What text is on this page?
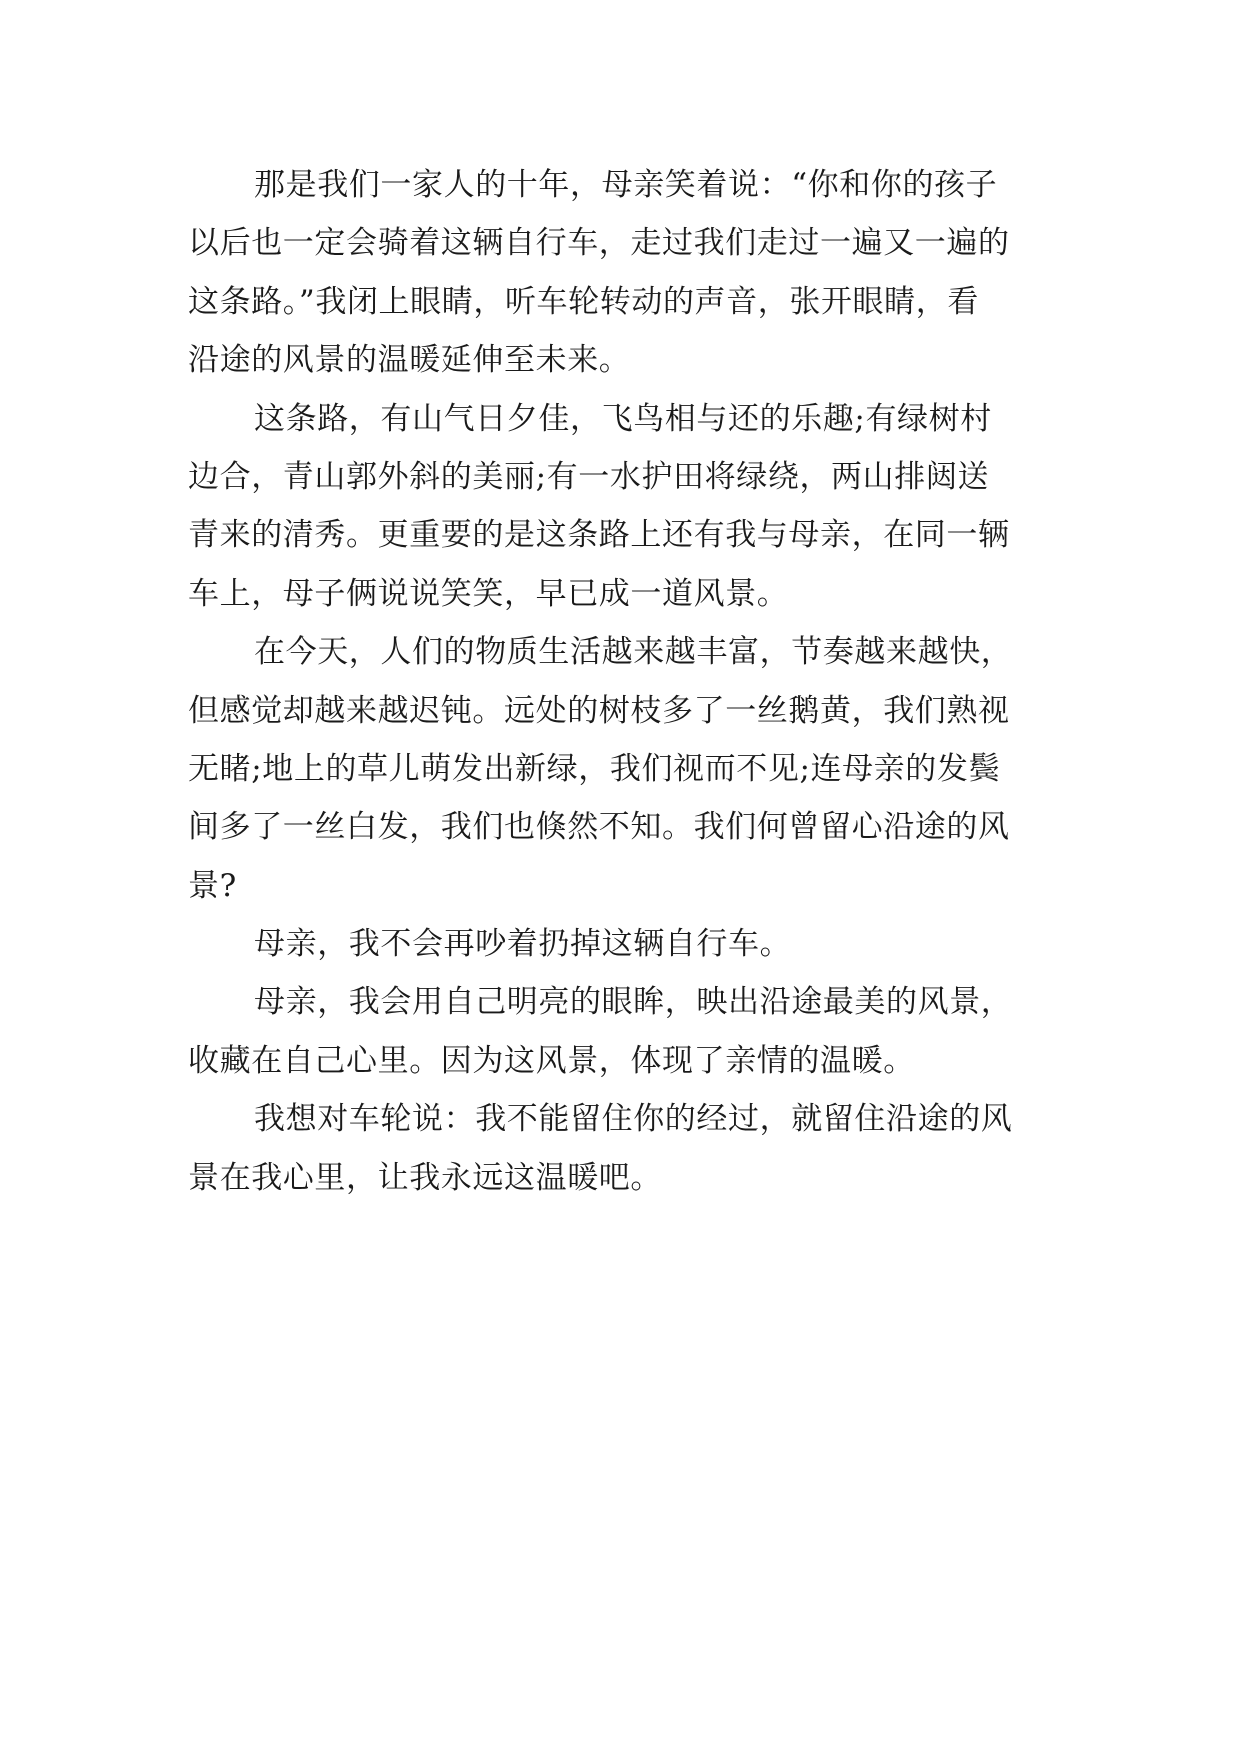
那是我们一家人的十年，母亲笑着说：“你和你的孩子

以后也一定会骑着这辆自行车，走过我们走过一遍又一遍的

这条路。”我闭上眼睛，听车轮转动的声音，张开眼睛，看

沿途的风景的温暖延伸至未来。

这条路，有山气日夕佳，飞鸟相与还的乐趣;有绿树村

边合，青山郭外斜的美丽;有一水护田将绿绕，两山排闼送

青来的清秀。更重要的是这条路上还有我与母亲，在同一辆

车上，母子俩说说笑笑，早已成一道风景。

在今天，人们的物质生活越来越丰富，节奏越来越快，

但感觉却越来越迟钝。远处的树枝多了一丝鹅黄，我们熟视

无睹;地上的草儿萌发出新绿，我们视而不见;连母亲的发鬓

间多了一丝白发，我们也倏然不知。我们何曾留心沿途的风

景?

母亲，我不会再吵着扔掉这辆自行车。

母亲，我会用自己明亮的眼眸，映出沿途最美的风景，

收藏在自己心里。因为这风景，体现了亲情的温暖。

我想对车轮说：我不能留住你的经过，就留住沿途的风

景在我心里，让我永远这温暖吧。
